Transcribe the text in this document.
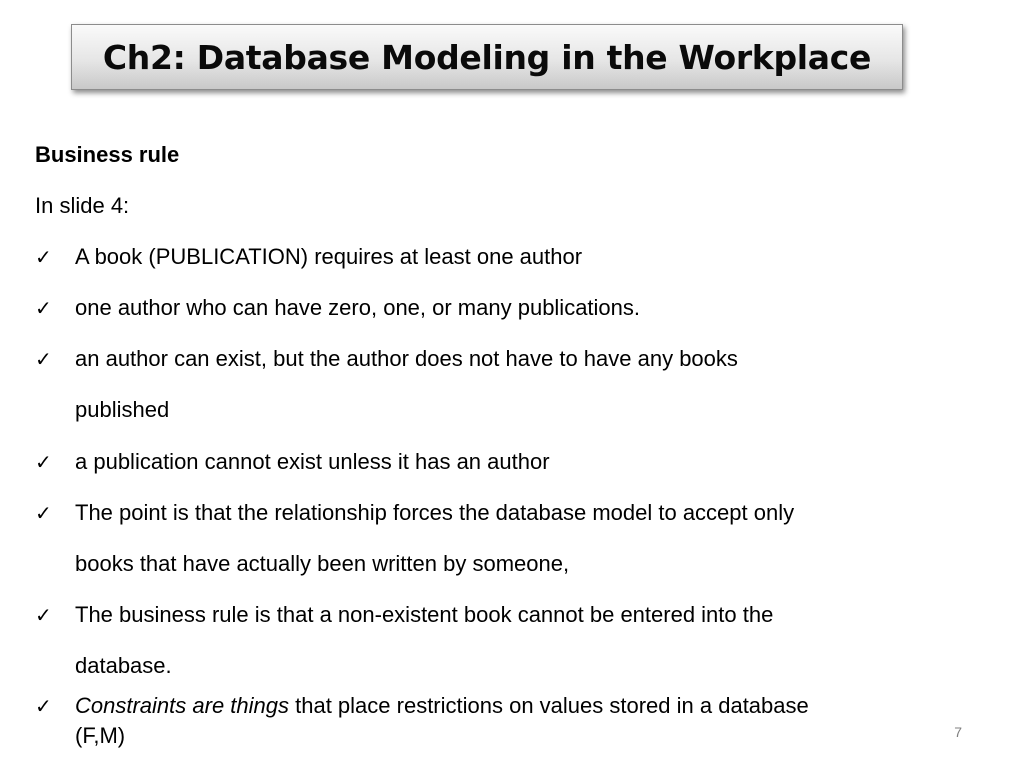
Ch2: Database Modeling in the Workplace
Business rule
In slide 4:
✓ A book (PUBLICATION) requires at least one author
✓ one author who can have zero, one, or many publications.
✓ an author can exist, but the author does not have to have any books
published
✓ a publication cannot exist unless it has an author
✓ The point is that the relationship forces the database model to accept only
books that have actually been written by someone,
✓ The business rule is that a non-existent book cannot be entered into the
database.
✓ Constraints are things that place restrictions on values stored in a database
(F,M)	7
